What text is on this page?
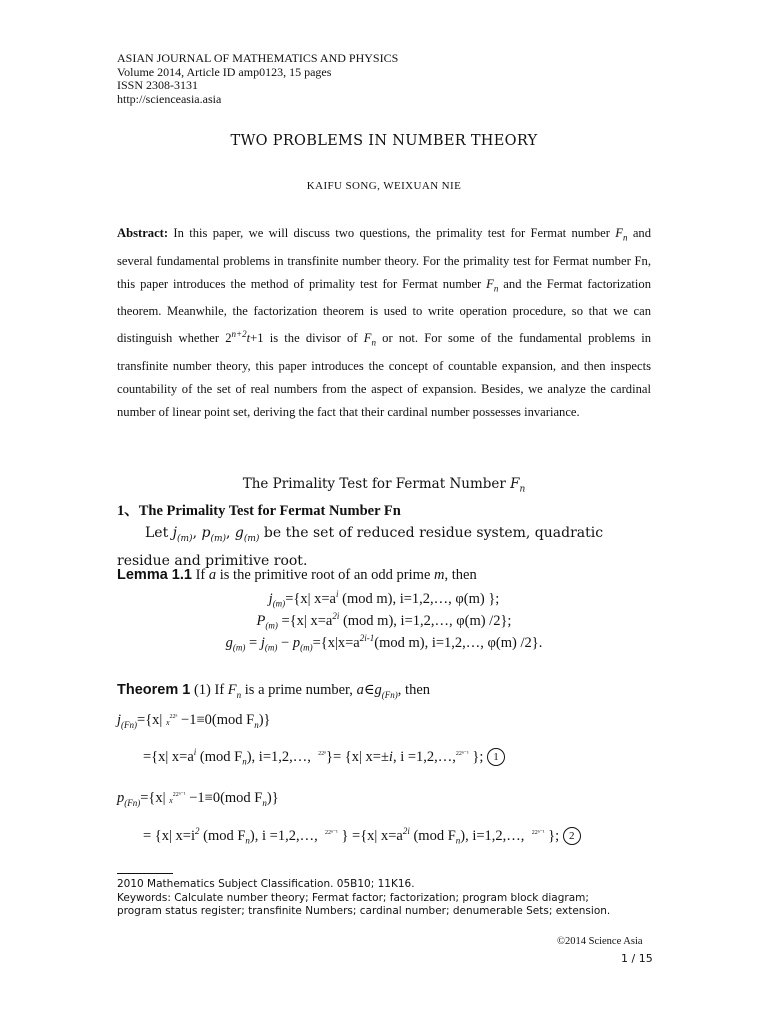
ASIAN JOURNAL OF MATHEMATICS AND PHYSICS
Volume 2014, Article ID amp0123, 15 pages
ISSN 2308-3131
http://scienceasia.asia
TWO PROBLEMS IN NUMBER THEORY
KAIFU SONG, WEIXUAN NIE
Abstract: In this paper, we will discuss two questions, the primality test for Fermat number $F_n$ and several fundamental problems in transfinite number theory. For the primality test for Fermat number Fn, this paper introduces the method of primality test for Fermat number $F_n$ and the Fermat factorization theorem. Meanwhile, the factorization theorem is used to write operation procedure, so that we can distinguish whether $2^{n+2}t+1$ is the divisor of $F_n$ or not. For some of the fundamental problems in transfinite number theory, this paper introduces the concept of countable expansion, and then inspects countability of the set of real numbers from the aspect of expansion. Besides, we analyze the cardinal number of linear point set, deriving the fact that their cardinal number possesses invariance.
The Primality Test for Fermat Number $F_n$
1、The Primality Test for Fermat Number Fn
Let $j_{(m)}$, $p_{(m)}$, $g_{(m)}$ be the set of reduced residue system, quadratic residue and primitive root.
Lemma 1.1 If a is the primitive root of an odd prime m, then
$j_{(m)}=\{x|$ $x=a^i$ (mod m), i=1,2,…, φ(m) };
$P_{(m)} =\{x|$ $x=a^{2i}$ (mod m), i=1,2,…, φ(m) /2};
$g_{(m)} = j_{(m)} - p_{(m)}=\{x|x=a^{2i-1}(mod$ m), i=1,2,…, φ(m) /2}.
Theorem 1 (1) If $F_n$ is a prime number, $a\in g_{(Fn)}$, then
$j_{(Fn)}=\{x|$ $x^{22^n} -1\equiv 0(mod$ $F_n$)}
={x| $x=a^i$ (mod $F_n$), i=1,2,…, $^{22^n}$}= {x| x=±i, i =1,2,…,$^{22^{n-1}}$ }; 1
$p_{(Fn)}=\{x|$ $x^{22^{n-1}} -1\equiv 0(mod$ $F_n$)}
= {x| $x=i^2$ (mod $F_n$), i =1,2,…, $^{22^{n-1}}$ } ={x| $x=a^{2i}$ (mod $F_n$), i=1,2,…, $^{22^{n-1}}$ }; 2
2010 Mathematics Subject Classification. 05B10; 11K16.
Keywords: Calculate number theory; Fermat factor; factorization; program block diagram;
program status register; transfinite Numbers; cardinal number; denumerable Sets; extension.
©2014 Science Asia
1 / 15
